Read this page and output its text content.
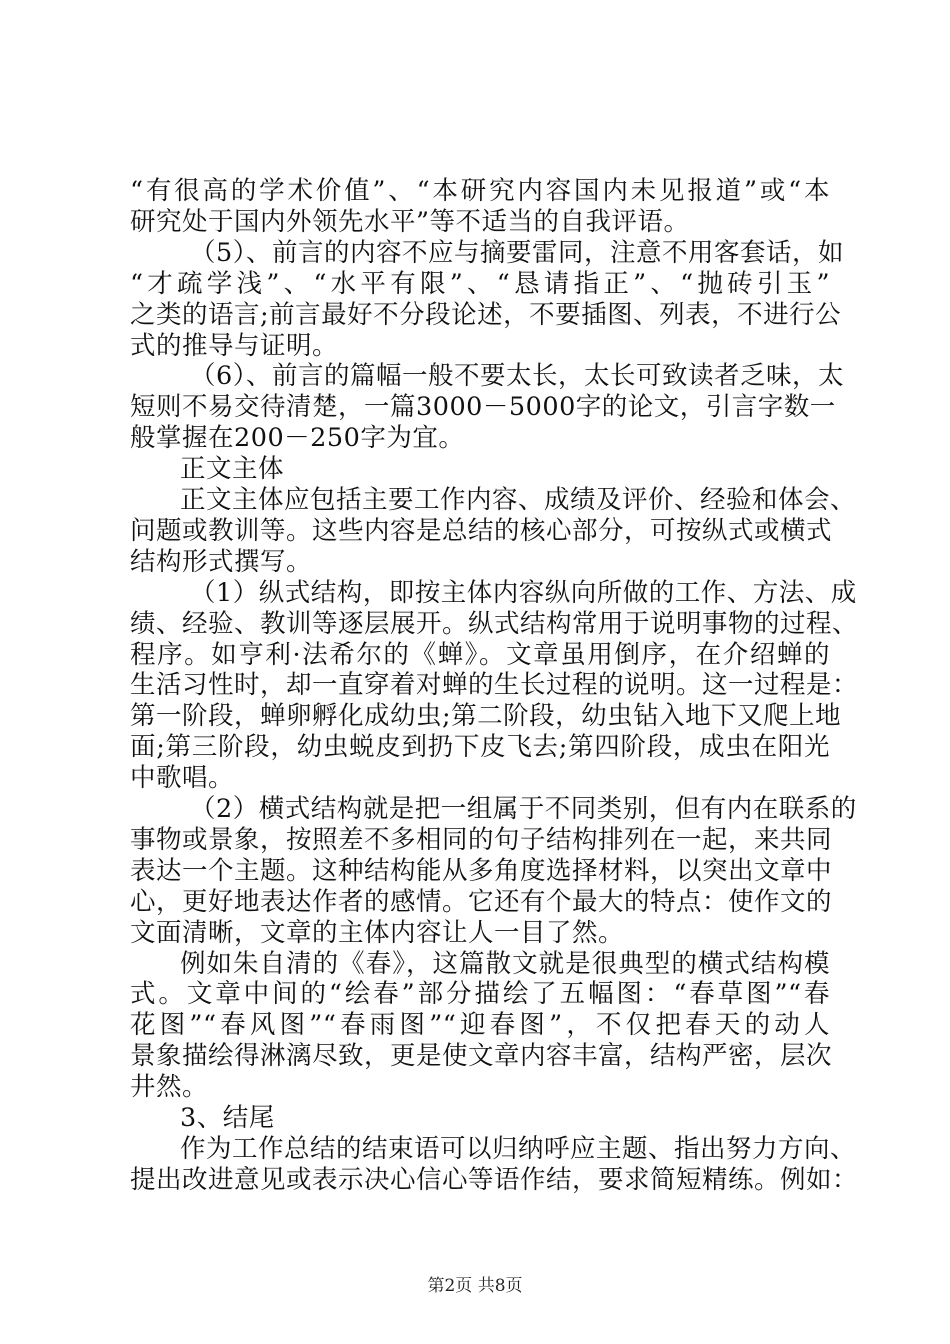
“有很高的学术价值”、“本研究内容国内未见报道”或“本
研究处于国内外领先水平”等不适当的自我评语。
（5）、前言的内容不应与摘要雷同，注意不用客套话，如
“才疏学浅”、“水平有限”、“恳请指正”、“抛砖引玉”
之类的语言;前言最好不分段论述，不要插图、列表，不进行公
式的推导与证明。
（6）、前言的篇幅一般不要太长，太长可致读者乏味，太
短则不易交待清楚，一篇3000－5000字的论文，引言字数一
般掌握在200－250字为宜。
正文主体
正文主体应包括主要工作内容、成绩及评价、经验和体会、
问题或教训等。这些内容是总结的核心部分，可按纵式或横式
结构形式撰写。
（1）纵式结构，即按主体内容纵向所做的工作、方法、成
绩、经验、教训等逐层展开。纵式结构常用于说明事物的过程、
程序。如亨利·法希尔的《蝉》。文章虽用倒序，在介绍蝉的
生活习性时，却一直穿着对蝉的生长过程的说明。这一过程是：
第一阶段，蝉卵孵化成幼虫;第二阶段，幼虫钻入地下又爬上地
面;第三阶段，幼虫蜕皮到扔下皮飞去;第四阶段，成虫在阳光
中歌唱。
（2）横式结构就是把一组属于不同类别，但有内在联系的
事物或景象，按照差不多相同的句子结构排列在一起，来共同
表达一个主题。这种结构能从多角度选择材料，以突出文章中
心，更好地表达作者的感情。它还有个最大的特点：使作文的
文面清晰，文章的主体内容让人一目了然。
例如朱自清的《春》，这篇散文就是很典型的横式结构模
式。文章中间的“绘春”部分描绘了五幅图：“春草图”“春
花图”“春风图”“春雨图”“迎春图”，不仅把春天的动人
景象描绘得淋漓尽致，更是使文章内容丰富，结构严密，层次
井然。
3、结尾
作为工作总结的结束语可以归纳呼应主题、指出努力方向、
提出改进意见或表示决心信心等语作结，要求简短精练。例如：
第2页 共8页
